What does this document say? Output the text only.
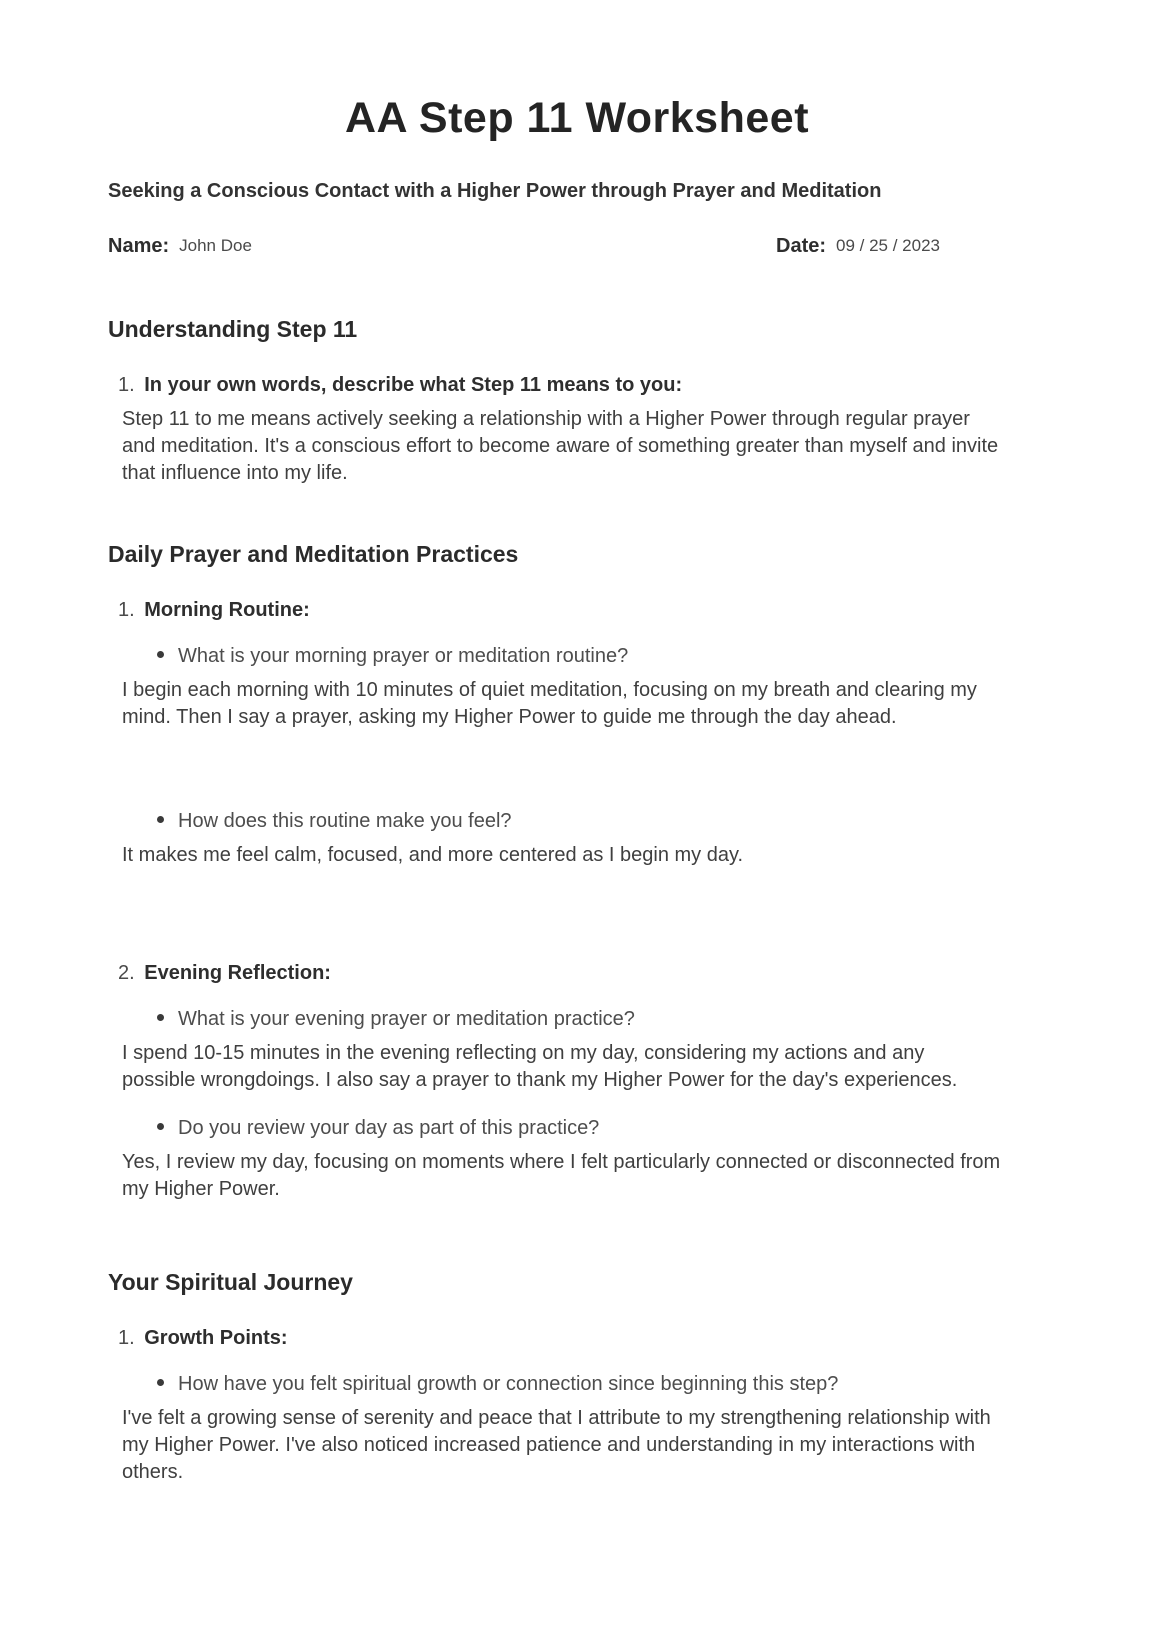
AA Step 11 Worksheet
Seeking a Conscious Contact with a Higher Power through Prayer and Meditation
Name: John Doe	Date: 09 / 25 / 2023
Understanding Step 11
1. In your own words, describe what Step 11 means to you:
Step 11 to me means actively seeking a relationship with a Higher Power through regular prayer and meditation. It's a conscious effort to become aware of something greater than myself and invite that influence into my life.
Daily Prayer and Meditation Practices
1. Morning Routine:
What is your morning prayer or meditation routine?
I begin each morning with 10 minutes of quiet meditation, focusing on my breath and clearing my mind. Then I say a prayer, asking my Higher Power to guide me through the day ahead.
How does this routine make you feel?
It makes me feel calm, focused, and more centered as I begin my day.
2. Evening Reflection:
What is your evening prayer or meditation practice?
I spend 10-15 minutes in the evening reflecting on my day, considering my actions and any possible wrongdoings. I also say a prayer to thank my Higher Power for the day's experiences.
Do you review your day as part of this practice?
Yes, I review my day, focusing on moments where I felt particularly connected or disconnected from my Higher Power.
Your Spiritual Journey
1. Growth Points:
How have you felt spiritual growth or connection since beginning this step?
I've felt a growing sense of serenity and peace that I attribute to my strengthening relationship with my Higher Power. I've also noticed increased patience and understanding in my interactions with others.
